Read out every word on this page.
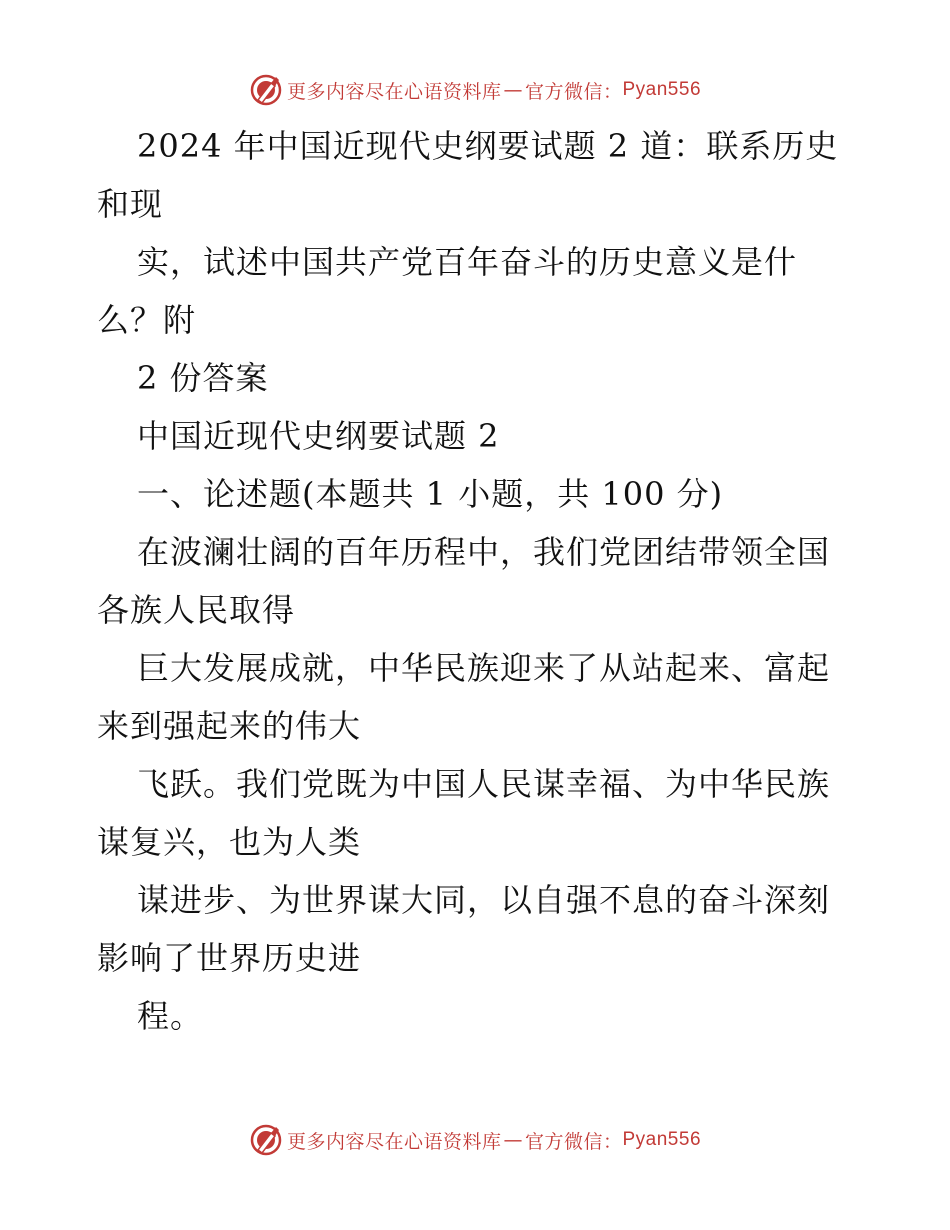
更多内容尽在心语资料库 — 官方微信： Pyan556
2024 年中国近现代史纲要试题 2 道：联系历史
和现
实，试述中国共产党百年奋斗的历史意义是什
么？附
2 份答案
中国近现代史纲要试题 2
一、论述题(本题共 1 小题，共 100 分)
在波澜壮阔的百年历程中，我们党团结带领全国
各族人民取得
巨大发展成就，中华民族迎来了从站起来、富起
来到强起来的伟大
飞跃。我们党既为中国人民谋幸福、为中华民族
谋复兴，也为人类
谋进步、为世界谋大同，以自强不息的奋斗深刻
影响了世界历史进
程。
更多内容尽在心语资料库 — 官方微信： Pyan556
